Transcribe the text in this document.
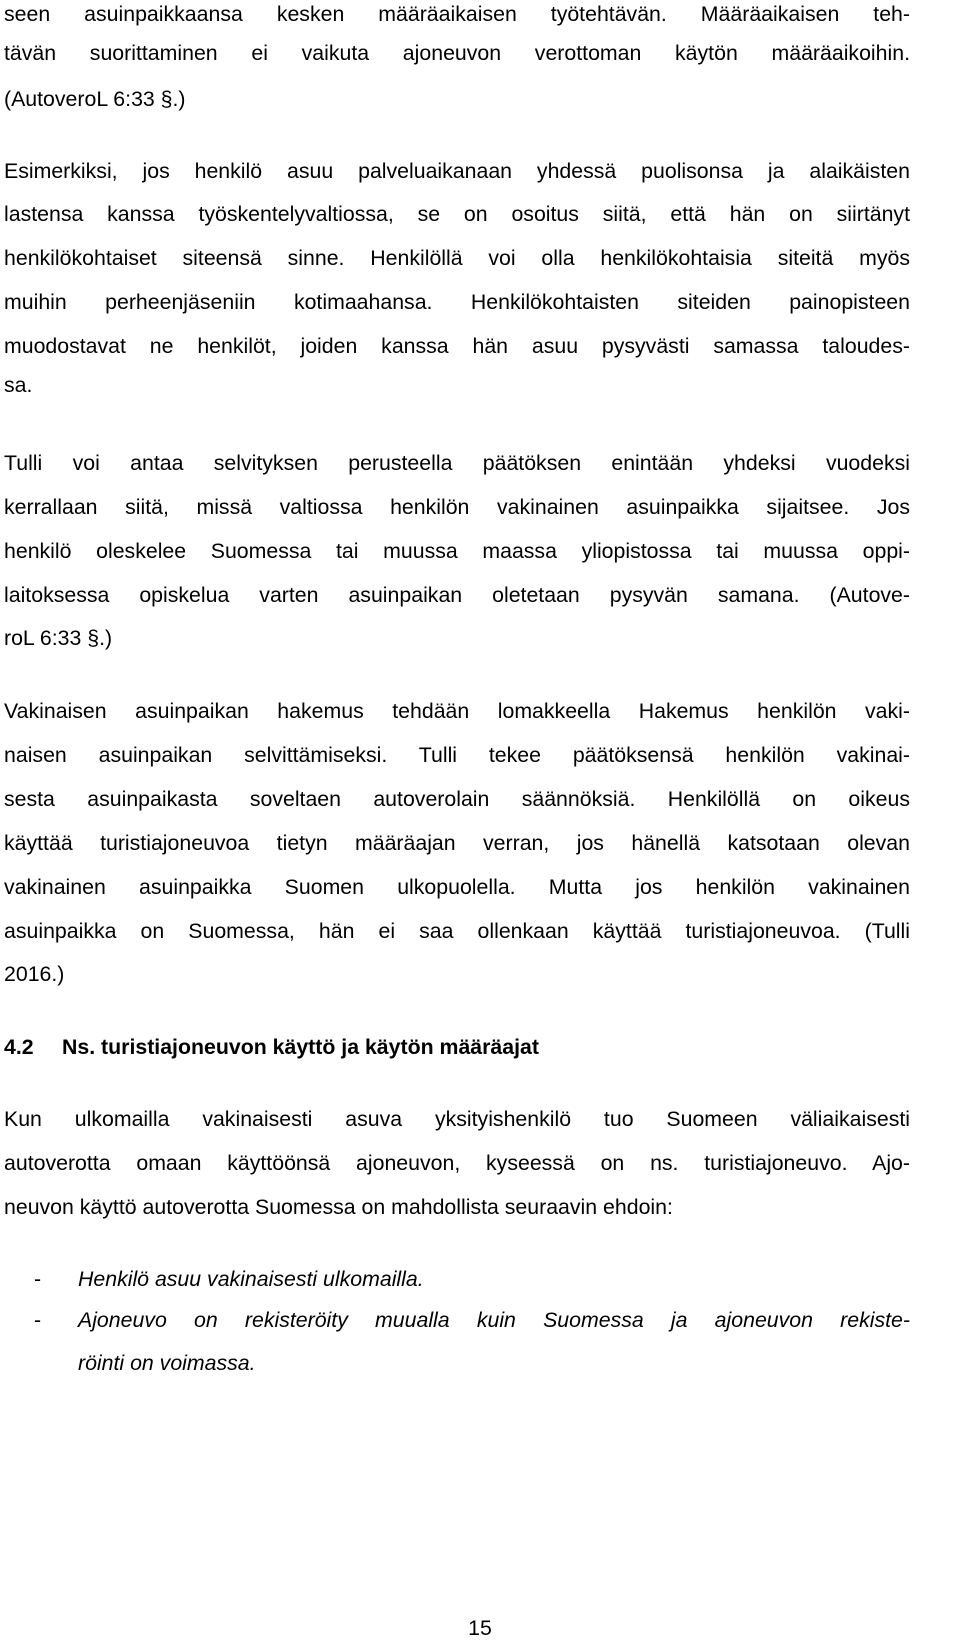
seen asuinpaikkaansa kesken määräaikaisen työtehtävän. Määräaikaisen teh-
tävän suorittaminen ei vaikuta ajoneuvon verottoman käytön määräaikoihin.
(AutoveroL 6:33 §.)
Esimerkiksi, jos henkilö asuu palveluaikanaan yhdessä puolisonsa ja alaikäisten
lastensa kanssa työskentelyvaltiossa, se on osoitus siitä, että hän on siirtänyt
henkilökohtaiset siteensä sinne. Henkilöllä voi olla henkilökohtaisia siteitä myös
muihin perheenjäseniin kotimaahansa. Henkilökohtaisten siteiden painopisteen
muodostavat ne henkilöt, joiden kanssa hän asuu pysyvästi samassa taloudes-
sa.
Tulli voi antaa selvityksen perusteella päätöksen enintään yhdeksi vuodeksi
kerrallaan siitä, missä valtiossa henkilön vakinainen asuinpaikka sijaitsee. Jos
henkilö oleskelee Suomessa tai muussa maassa yliopistossa tai muussa oppi-
laitoksessa opiskelua varten asuinpaikan oletetaan pysyvän samana. (Autove-
roL 6:33 §.)
Vakinaisen asuinpaikan hakemus tehdään lomakkeella Hakemus henkilön vaki-
naisen asuinpaikan selvittämiseksi. Tulli tekee päätöksensä henkilön vakinai-
sesta asuinpaikasta soveltaen autoverolain säännöksiä. Henkilöllä on oikeus
käyttää turistiajoneuvoa tietyn määräajan verran, jos hänellä katsotaan olevan
vakinainen asuinpaikka Suomen ulkopuolella. Mutta jos henkilön vakinainen
asuinpaikka on Suomessa, hän ei saa ollenkaan käyttää turistiajoneuvoa. (Tulli
2016.)
4.2 Ns. turistiajoneuvon käyttö ja käytön määräajat
Kun ulkomailla vakinaisesti asuva yksityishenkilö tuo Suomeen väliaikaisesti
autoverotta omaan käyttöönsä ajoneuvon, kyseessä on ns. turistiajoneuvo. Ajo-
neuvon käyttö autoverotta Suomessa on mahdollista seuraavin ehdoin:
- Henkilö asuu vakinaisesti ulkomailla.
- Ajoneuvo on rekisteröity muualla kuin Suomessa ja ajoneuvon rekiste-
röinti on voimassa.
15
